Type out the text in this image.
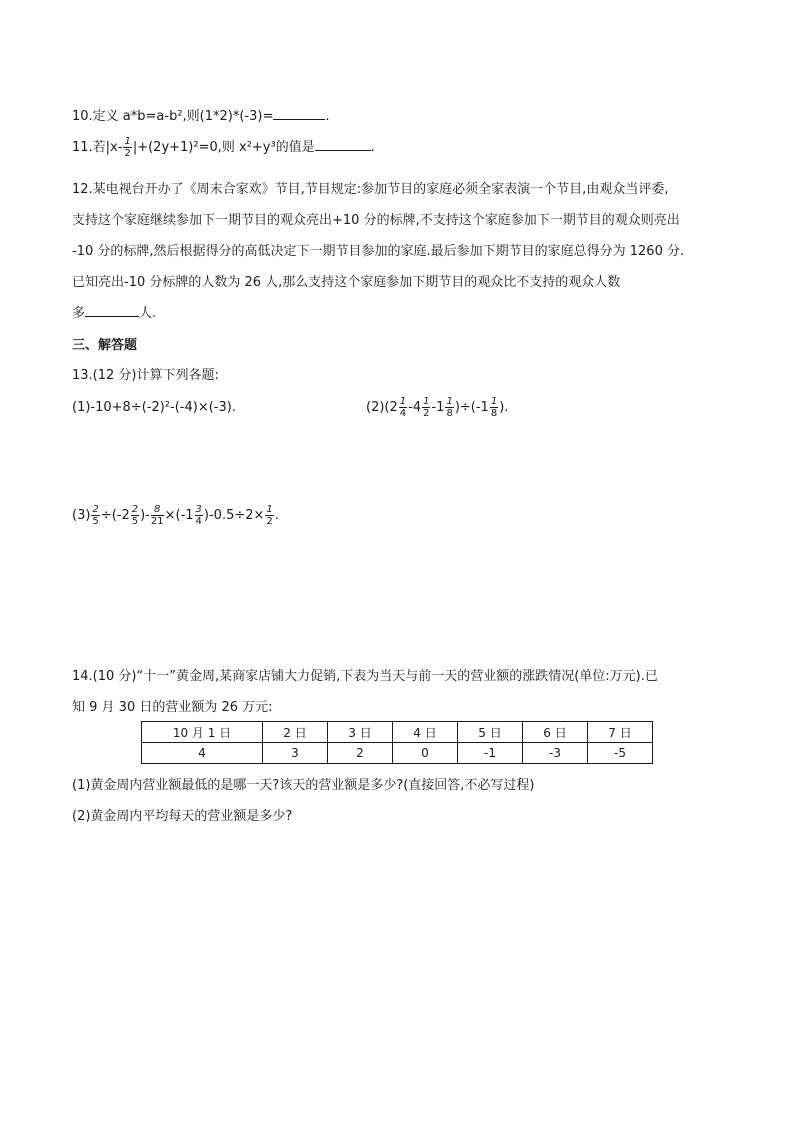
10.定义 a*b=a-b²,则(1*2)*(-3)=	.
11.若$|x- \frac{1}{2} |+(2y+1)^2=0$,则 x²+y³的值是	.
12.某电视台开办了《周末合家欢》节目,节目规定:参加节目的家庭必须全家表演一个节目,由观众当评委,
支持这个家庭继续参加下一期节目的观众亮出+10 分的标牌,不支持这个家庭参加下一期节目的观众则亮出
-10 分的标牌,然后根据得分的高低决定下一期节目参加的家庭.最后参加下期节目的家庭总得分为 1260 分.
已知亮出-10 分标牌的人数为 26 人,那么支持这个家庭参加下期节目的观众比不支持的观众人数
多	人.
三、解答题
13.(12 分)计算下列各题:
(1)-10+8÷(-2)²-(-4)×(-3).	$(2)(2 \frac{1}{4} -4 \frac{1}{2} -1 \frac{1}{8} )\div(-1 \frac{1}{8}$ ).
$(3) \frac{2}{5} \div(-2 \frac{2}{5}$ )- $\frac{8}{21} \times(-1 \frac{3}{4} )-0.5\div 2\times \frac{1}{2}$ .
14.(10 分)“十一”黄金周,某商家店铺大力促销,下表为当天与前一天的营业额的涨跌情况(单位:万元).已
知 9 月 30 日的营业额为 26 万元:
10 月 1 日	2 日	3 日	4 日	5 日	6 日	7 日
4	3	2	0	-1	-3	-5
(1)黄金周内营业额最低的是哪一天?该天的营业额是多少?(直接回答,不必写过程)
(2)黄金周内平均每天的营业额是多少?
